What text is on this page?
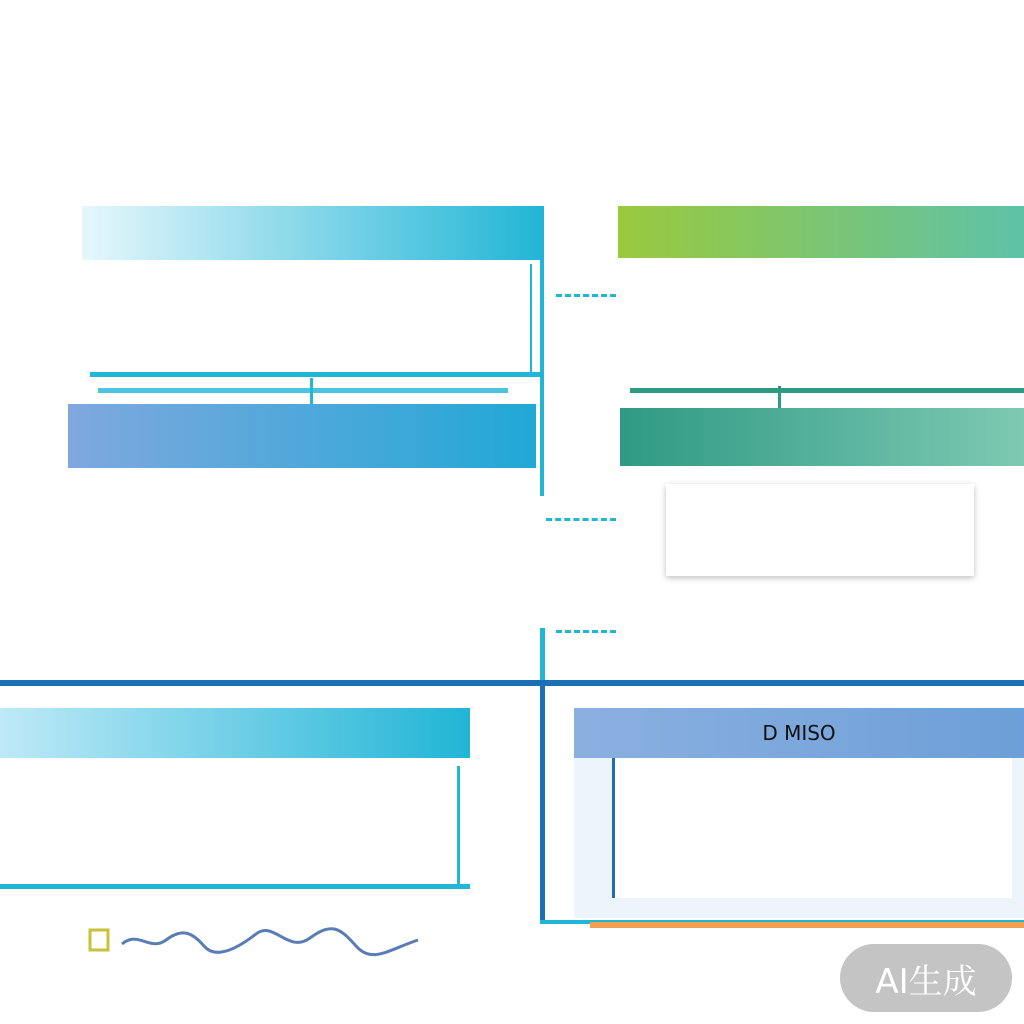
D MISO

AI生成
